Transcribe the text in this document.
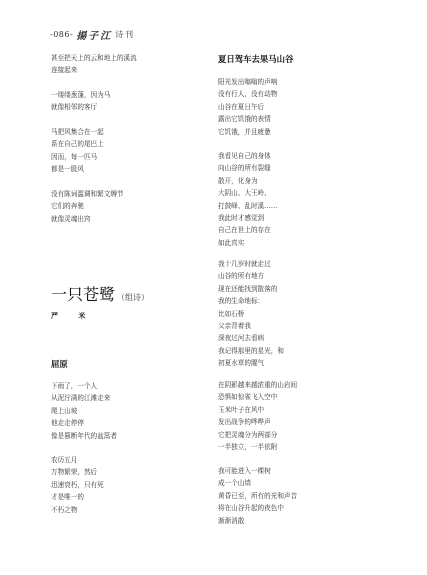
-086- 揚子江 诗刊
甚至把天上的云和地上的溪流
连接起来
一缕缕葱蓬，因为马
就像相邻的客厅
马把风集合在一起
系在自己的尾巴上
因而，每一匹马
都是一股风
没有陈词滥调和繁文缛节
它们的奔驰
就像灵魂出窍
一只苍鹭 （组诗）
严 米
屈原
下雨了，一个人
从泥泞满的江滩走来
爬上山坡
他走走停停
像是篡断年代的盆篙者
农历五月
万物繁荣，然后
迅速衰朽，只有死
才是唯一的
不朽之物
夏日驾车去果马山谷
阳光发出嗡嗡的声响
没有行人，没有动物
山谷在夏日午后
露出它饥饿的表情
它饥饿，并且疲惫
我看见自己的身体
向山谷的所有裂缝
散开，化身为
大阴山、大王岭、
打鼓峰、乱时溪……
我此时才感觉到
自己在世上的存在
如此真实
我十几岁时就走过
山谷的所有地方
现在还能找到散落的
我的生命地标：
比如石桥
父亲背着我
深夜过河去看病
我记得那里的星光，和
初夏水草的腥气
在阴影越来越浓重的山岩间
恐惧如惊雀飞入空中
玉米叶子在风中
发出战争的哗哗声
它把灵魂分为两部分
一半独立，一半依附
我可能进入一棵树
成一个山墙
黄昏已至，所有的光和声音
将在山谷升起的夜色中
渐渐消散
